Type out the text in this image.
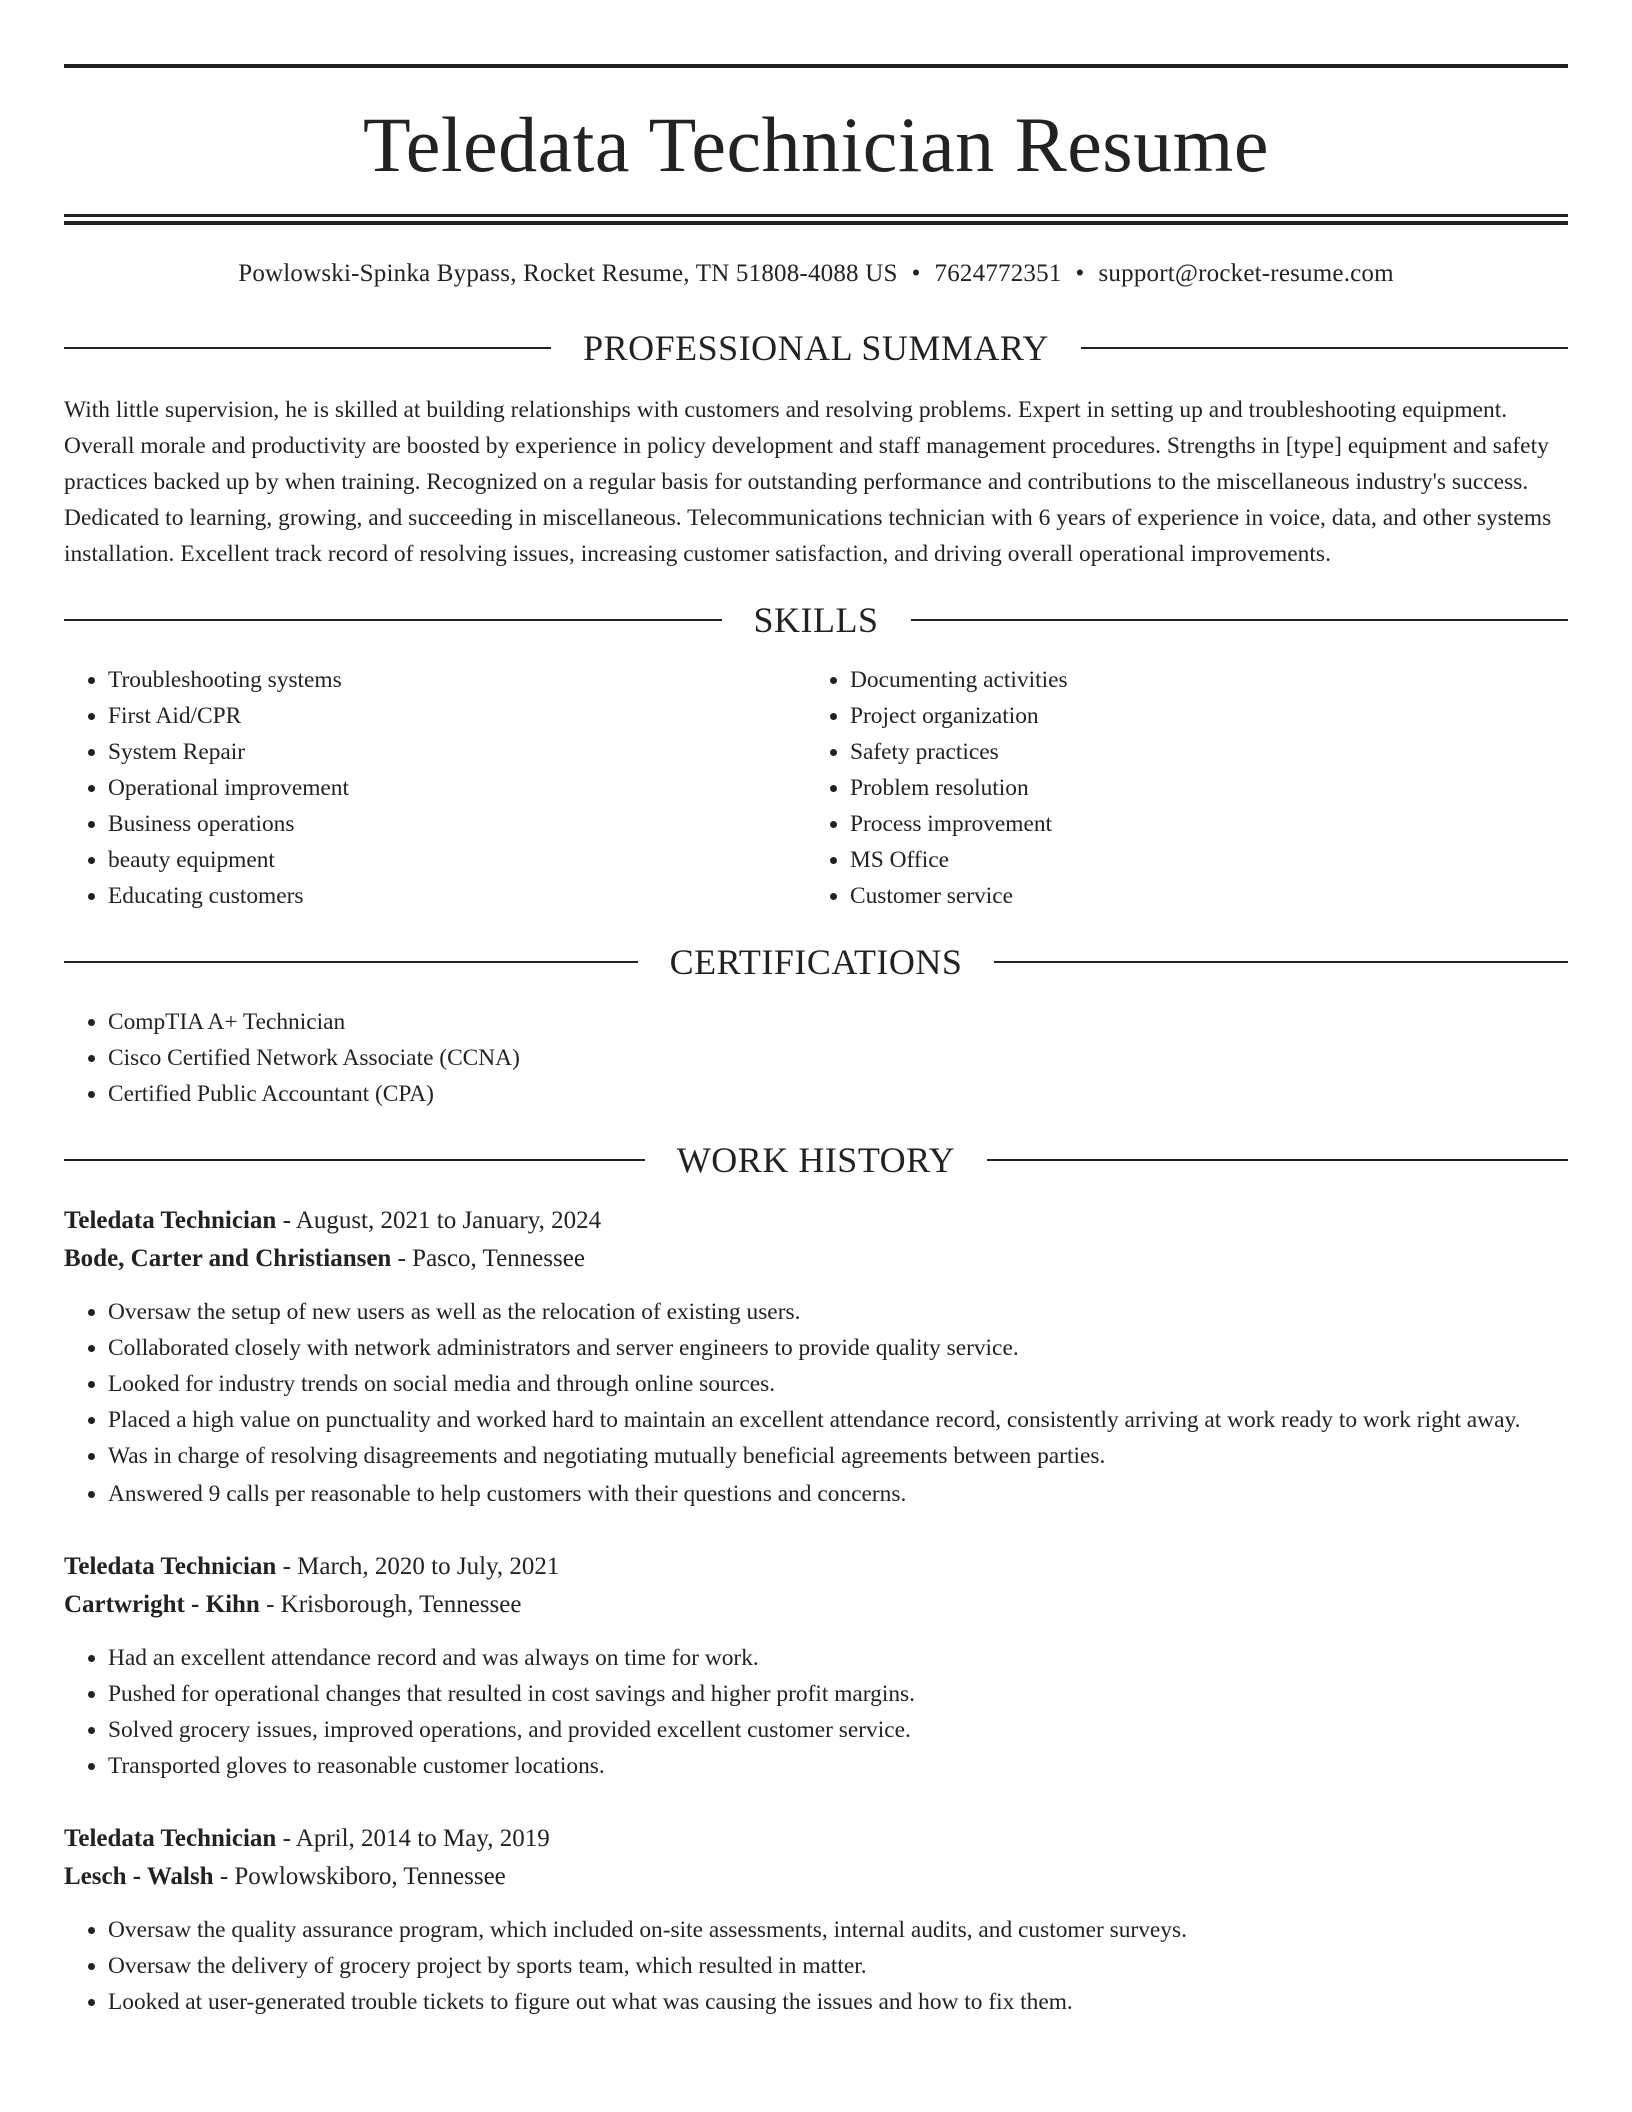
Teledata Technician Resume
Powlowski-Spinka Bypass, Rocket Resume, TN 51808-4088 US • 7624772351 • support@rocket-resume.com
PROFESSIONAL SUMMARY
With little supervision, he is skilled at building relationships with customers and resolving problems. Expert in setting up and troubleshooting equipment. Overall morale and productivity are boosted by experience in policy development and staff management procedures. Strengths in [type] equipment and safety practices backed up by when training. Recognized on a regular basis for outstanding performance and contributions to the miscellaneous industry's success. Dedicated to learning, growing, and succeeding in miscellaneous. Telecommunications technician with 6 years of experience in voice, data, and other systems installation. Excellent track record of resolving issues, increasing customer satisfaction, and driving overall operational improvements.
SKILLS
• Troubleshooting systems
• First Aid/CPR
• System Repair
• Operational improvement
• Business operations
• beauty equipment
• Educating customers
• Documenting activities
• Project organization
• Safety practices
• Problem resolution
• Process improvement
• MS Office
• Customer service
CERTIFICATIONS
• CompTIA A+ Technician
• Cisco Certified Network Associate (CCNA)
• Certified Public Accountant (CPA)
WORK HISTORY
Teledata Technician - August, 2021 to January, 2024
Bode, Carter and Christiansen - Pasco, Tennessee
• Oversaw the setup of new users as well as the relocation of existing users.
• Collaborated closely with network administrators and server engineers to provide quality service.
• Looked for industry trends on social media and through online sources.
• Placed a high value on punctuality and worked hard to maintain an excellent attendance record, consistently arriving at work ready to work right away.
• Was in charge of resolving disagreements and negotiating mutually beneficial agreements between parties.
• Answered 9 calls per reasonable to help customers with their questions and concerns.
Teledata Technician - March, 2020 to July, 2021
Cartwright - Kihn - Krisborough, Tennessee
• Had an excellent attendance record and was always on time for work.
• Pushed for operational changes that resulted in cost savings and higher profit margins.
• Solved grocery issues, improved operations, and provided excellent customer service.
• Transported gloves to reasonable customer locations.
Teledata Technician - April, 2014 to May, 2019
Lesch - Walsh - Powlowskiboro, Tennessee
• Oversaw the quality assurance program, which included on-site assessments, internal audits, and customer surveys.
• Oversaw the delivery of grocery project by sports team, which resulted in matter.
• Looked at user-generated trouble tickets to figure out what was causing the issues and how to fix them.
